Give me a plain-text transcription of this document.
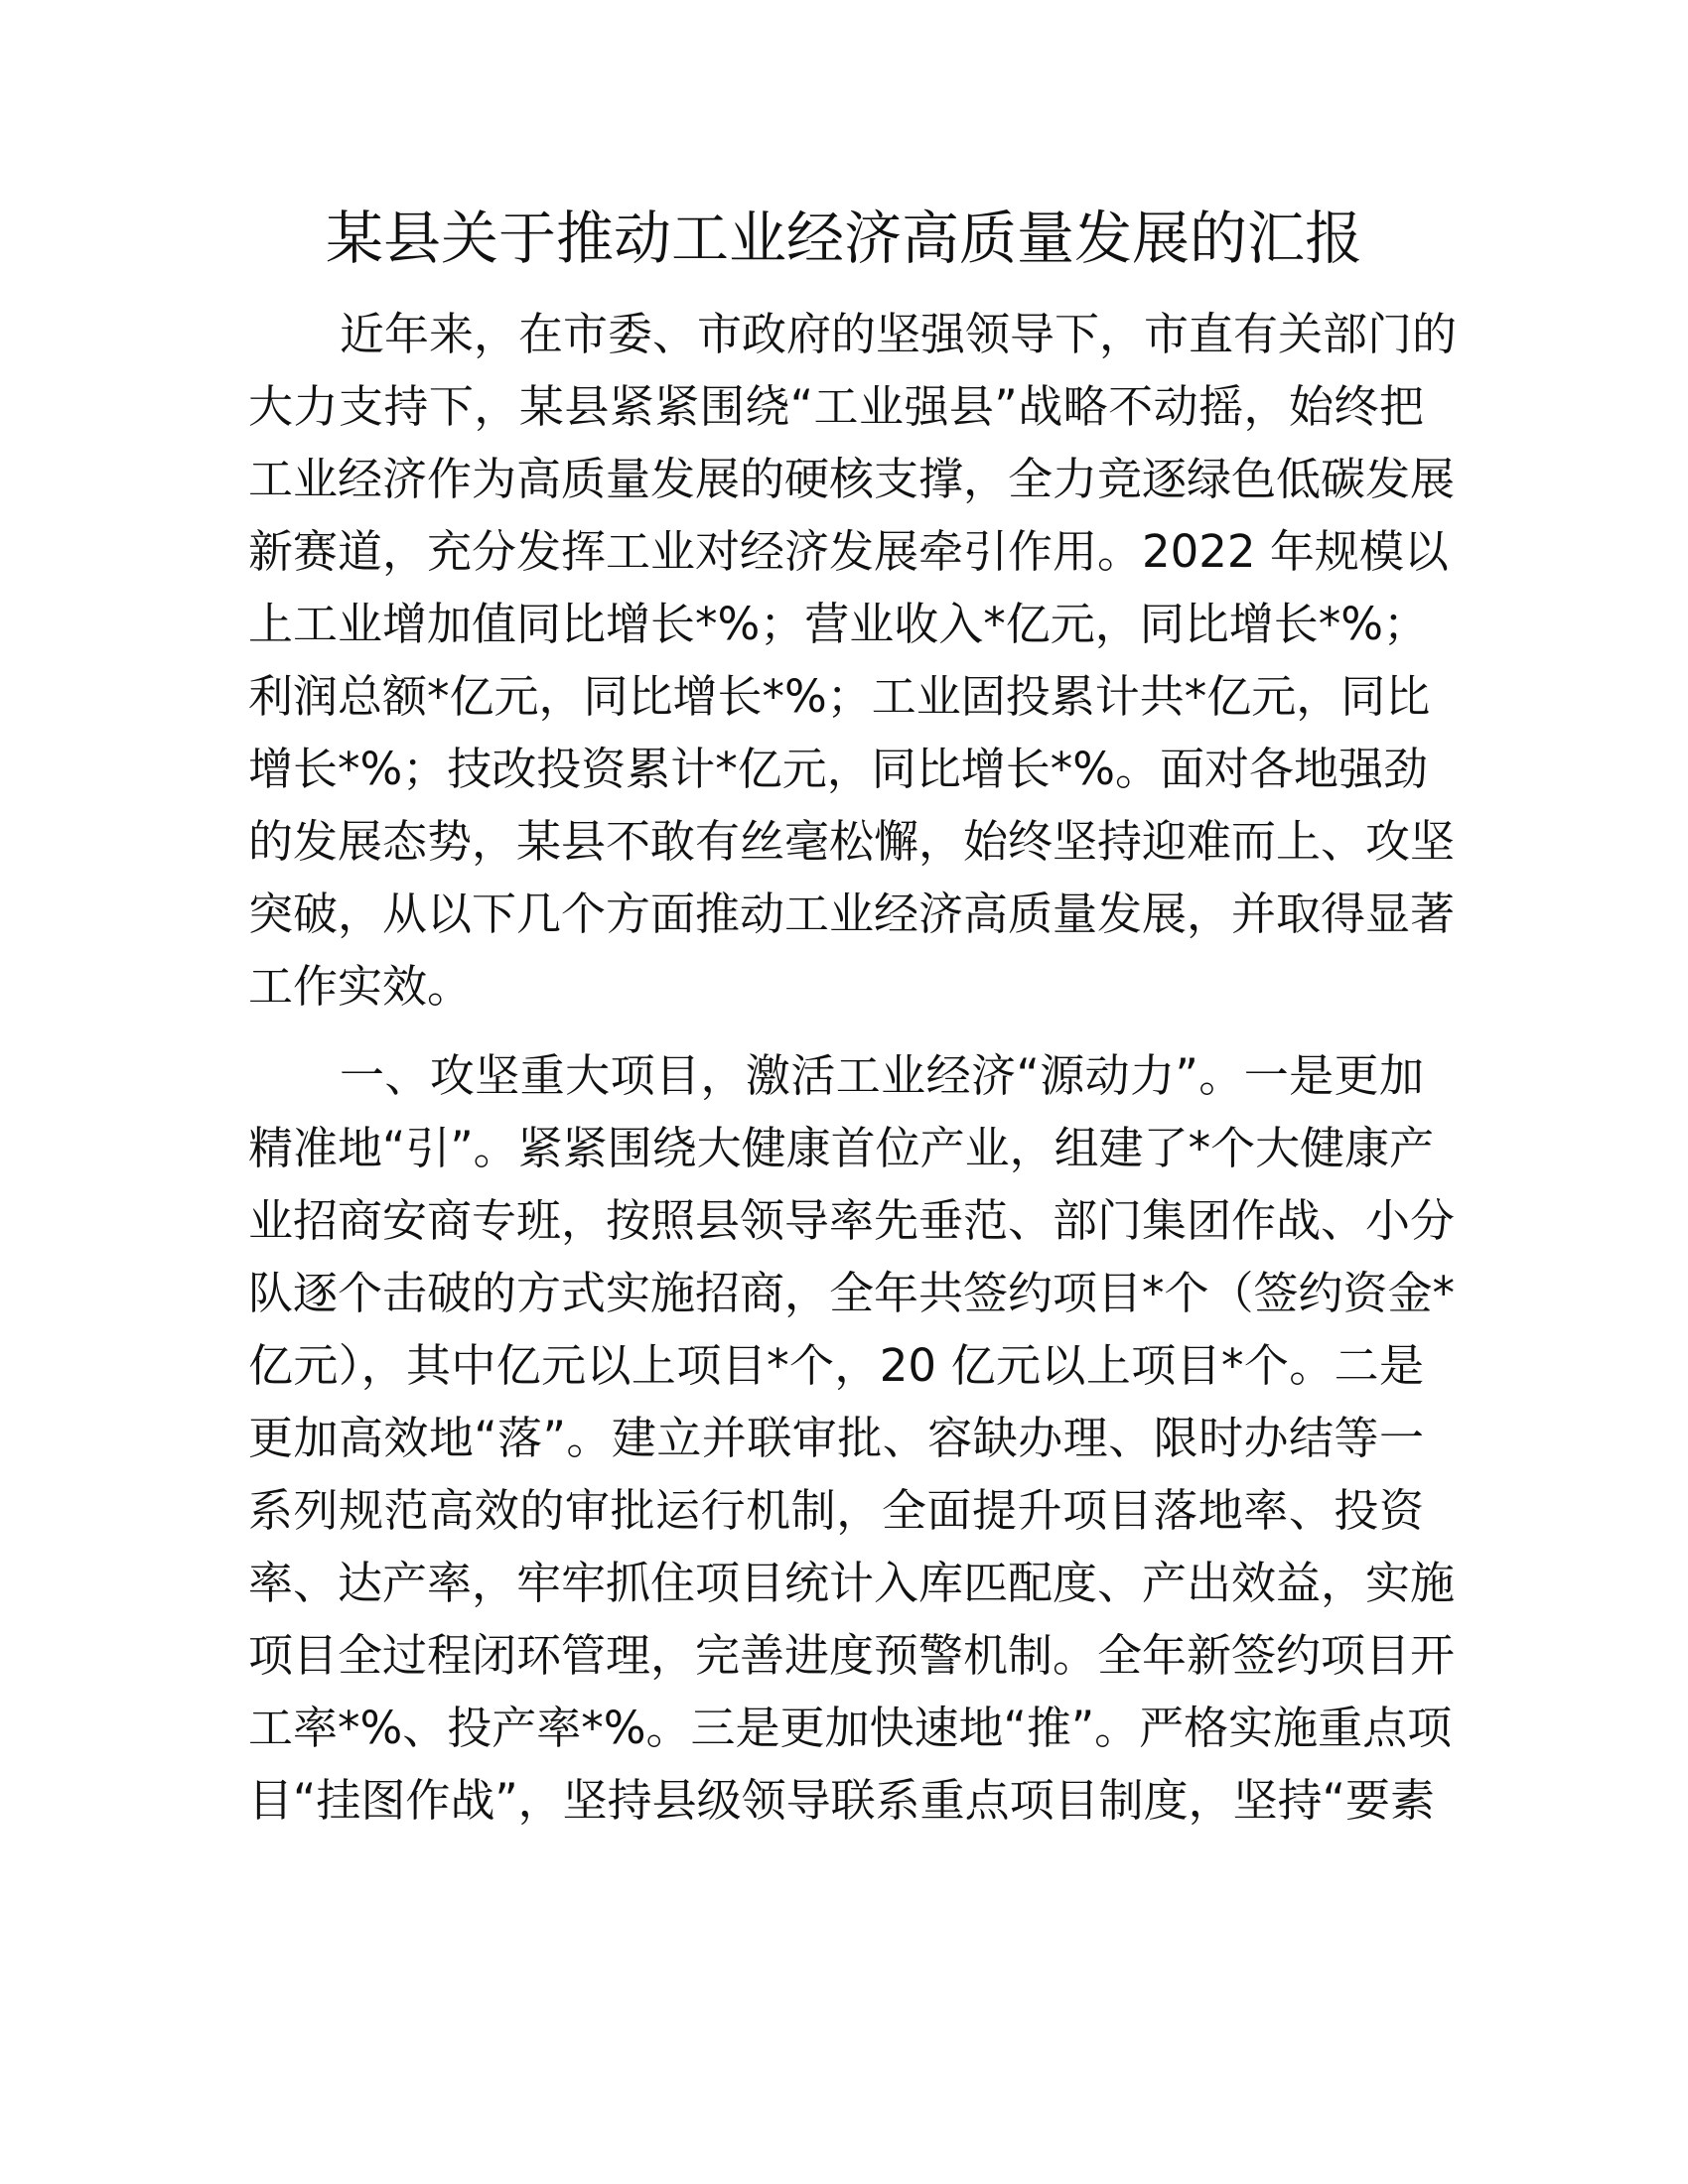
某县关于推动工业经济高质量发展的汇报
近年来，在市委、市政府的坚强领导下，市直有关部门的
大力支持下，某县紧紧围绕“工业强县”战略不动摇，始终把
工业经济作为高质量发展的硬核支撑，全力竞逐绿色低碳发展
新赛道，充分发挥工业对经济发展牵引作用。2022 年规模以
上工业增加值同比增长*%；营业收入*亿元，同比增长*%；
利润总额*亿元，同比增长*%；工业固投累计共*亿元，同比
增长*%；技改投资累计*亿元，同比增长*%。面对各地强劲
的发展态势，某县不敢有丝毫松懈，始终坚持迎难而上、攻坚
突破，从以下几个方面推动工业经济高质量发展，并取得显著
工作实效。
一、攻坚重大项目，激活工业经济“源动力”。一是更加
精准地“引”。紧紧围绕大健康首位产业，组建了*个大健康产
业招商安商专班，按照县领导率先垂范、部门集团作战、小分
队逐个击破的方式实施招商，全年共签约项目*个（签约资金*
亿元），其中亿元以上项目*个，20 亿元以上项目*个。二是
更加高效地“落”。建立并联审批、容缺办理、限时办结等一
系列规范高效的审批运行机制，全面提升项目落地率、投资
率、达产率，牢牢抓住项目统计入库匹配度、产出效益，实施
项目全过程闭环管理，完善进度预警机制。全年新签约项目开
工率*%、投产率*%。三是更加快速地“推”。严格实施重点项
目“挂图作战”，坚持县级领导联系重点项目制度，坚持“要素
